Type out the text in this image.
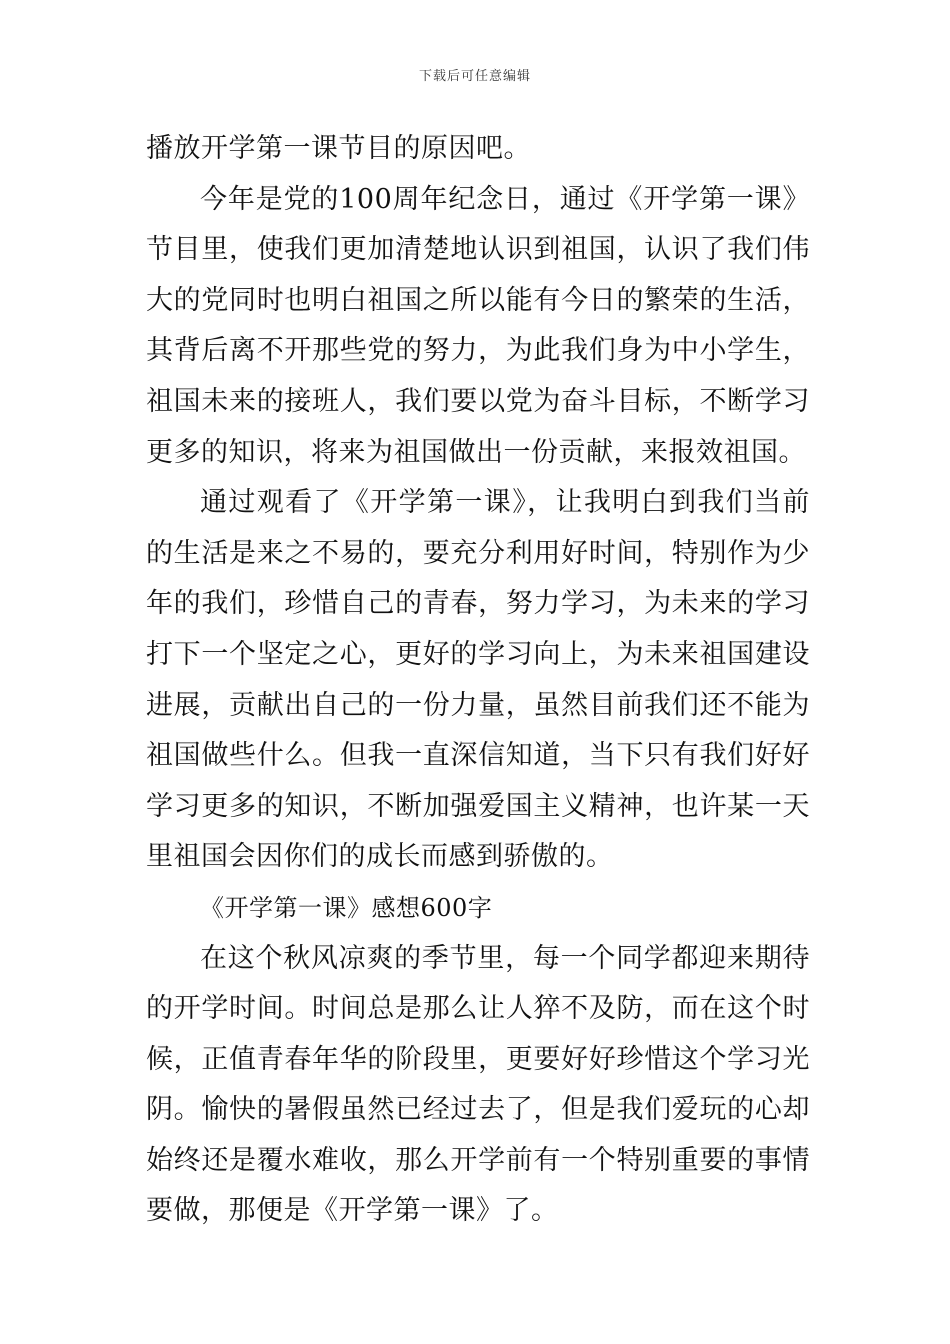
下载后可任意编辑

播放开学第一课节目的原因吧。

今年是党的100周年纪念日，通过《开学第一课》节目里，使我们更加清楚地认识到祖国，认识了我们伟大的党同时也明白祖国之所以能有今日的繁荣的生活，其背后离不开那些党的努力，为此我们身为中小学生，祖国未来的接班人，我们要以党为奋斗目标，不断学习更多的知识，将来为祖国做出一份贡献，来报效祖国。

通过观看了《开学第一课》，让我明白到我们当前的生活是来之不易的，要充分利用好时间，特别作为少年的我们，珍惜自己的青春，努力学习，为未来的学习打下一个坚定之心，更好的学习向上，为未来祖国建设进展，贡献出自己的一份力量，虽然目前我们还不能为祖国做些什么。但我一直深信知道，当下只有我们好好学习更多的知识，不断加强爱国主义精神，也许某一天里祖国会因你们的成长而感到骄傲的。

《开学第一课》感想600字

在这个秋风凉爽的季节里，每一个同学都迎来期待的开学时间。时间总是那么让人猝不及防，而在这个时候，正值青春年华的阶段里，更要好好珍惜这个学习光阴。愉快的暑假虽然已经过去了，但是我们爱玩的心却始终还是覆水难收，那么开学前有一个特别重要的事情要做，那便是《开学第一课》了。
